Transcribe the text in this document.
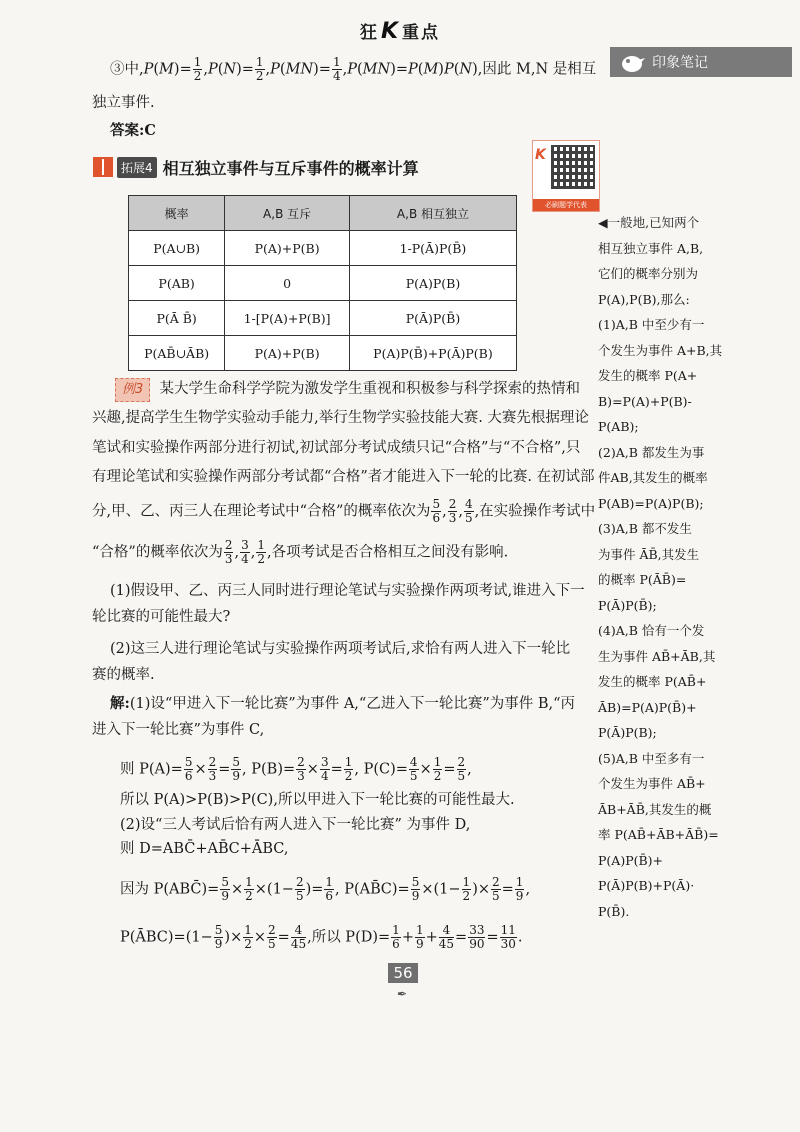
狂K 重点
③中$,P(M)= \frac{1}{2} ,P(N)= \frac{1}{2} ,P(MN)= \frac{1}{4} ,P(MN)=P(M)P(N)$,因此 M,N 是相互
独立事件.
答案:C
拓展4 相互独立事件与互斥事件的概率计算
K
必刷题学代表
概率	A,B 互斥	A,B 相互独立
P(A∪B)	P(A)+P(B)	1-P(Ā)P(B̄)
P(AB)	0	P(A)P(B)
P(Ā B̄)	1-[P(A)+P(B)]	P(Ā)P(B̄)
P(AB̄∪ĀB)	P(A)+P(B)	P(A)P(B̄)+P(Ā)P(B)
例3 某大学生命科学学院为激发学生重视和积极参与科学探索的热情和
兴趣,提高学生生物学实验动手能力,举行生物学实验技能大赛. 大赛先根据理论
笔试和实验操作两部分进行初试,初试部分考试成绩只记“合格”与“不合格”,只
有理论笔试和实验操作两部分考试都“合格”者才能进入下一轮的比赛. 在初试部
分,甲、乙、丙三人在理论考试中“合格”的概率依次为 $\frac{5}{6}$ , $\frac{2}{3}$ , $\frac{4}{5}$ ,在实验操作考试中
“合格”的概率依次为 $\frac{2}{3}$ , $\frac{3}{4}$ , $\frac{1}{2}$ ,各项考试是否合格相互之间没有影响.
(1)假设甲、乙、丙三人同时进行理论笔试与实验操作两项考试,谁进入下一
轮比赛的可能性最大?
(2)这三人进行理论笔试与实验操作两项考试后,求恰有两人进入下一轮比
赛的概率.
解:(1)设“甲进入下一轮比赛”为事件 A,“乙进入下一轮比赛”为事件 B,“丙
进入下一轮比赛”为事件 C,
则 $P(A)= \frac{5}{6} \times \frac{2}{3} = \frac{5}{9}$ , $P(B)= \frac{2}{3} \times \frac{3}{4} = \frac{1}{2}$ , $P(C)= \frac{4}{5} \times \frac{1}{2} = \frac{2}{5}$ ,
所以 P(A)>P(B)>P(C),所以甲进入下一轮比赛的可能性最大.
(2)设“三人考试后恰有两人进入下一轮比赛” 为事件 D,
则 D=ABC̄+AB̄C+ĀBC,
因为 P(ABC̄)= $\frac{5}{9} \times \frac{1}{2} \times(1- \frac{2}{5}$ )= $\frac{1}{6}$ , P(AB̄C)= $\frac{5}{9} \times(1- \frac{1}{2}$ )× $\frac{2}{5} = \frac{1}{9}$ ,
P(ĀBC)=(1− $\frac{5}{9}$ )× $\frac{1}{2} \times \frac{2}{5} = \frac{4}{45}$ ,所以 $P(D)= \frac{1}{6} + \frac{1}{9} + \frac{4}{45} = \frac{33}{90} = \frac{11}{30}$ .
印象笔记
◀一般地,已知两个
相互独立事件 A,B,
它们的概率分别为
P(A),P(B),那么:
(1)A,B 中至少有一
个发生为事件 A+B,其
发生的概率 P(A+
B)=P(A)+P(B)-
P(AB);
(2)A,B 都发生为事
件AB,其发生的概率
P(AB)=P(A)P(B);
(3)A,B 都不发生
为事件 ĀB̄,其发生
的概率 P(ĀB̄)=
P(Ā)P(B̄);
(4)A,B 恰有一个发
生为事件 AB̄+ĀB,其
发生的概率 P(AB̄+
ĀB)=P(A)P(B̄)+
P(Ā)P(B);
(5)A,B 中至多有一
个发生为事件 AB̄+
ĀB+ĀB̄,其发生的概
率 P(AB̄+ĀB+ĀB̄)=
P(A)P(B̄)+
P(Ā)P(B)+P(Ā)·
P(B̄).
56
✒
